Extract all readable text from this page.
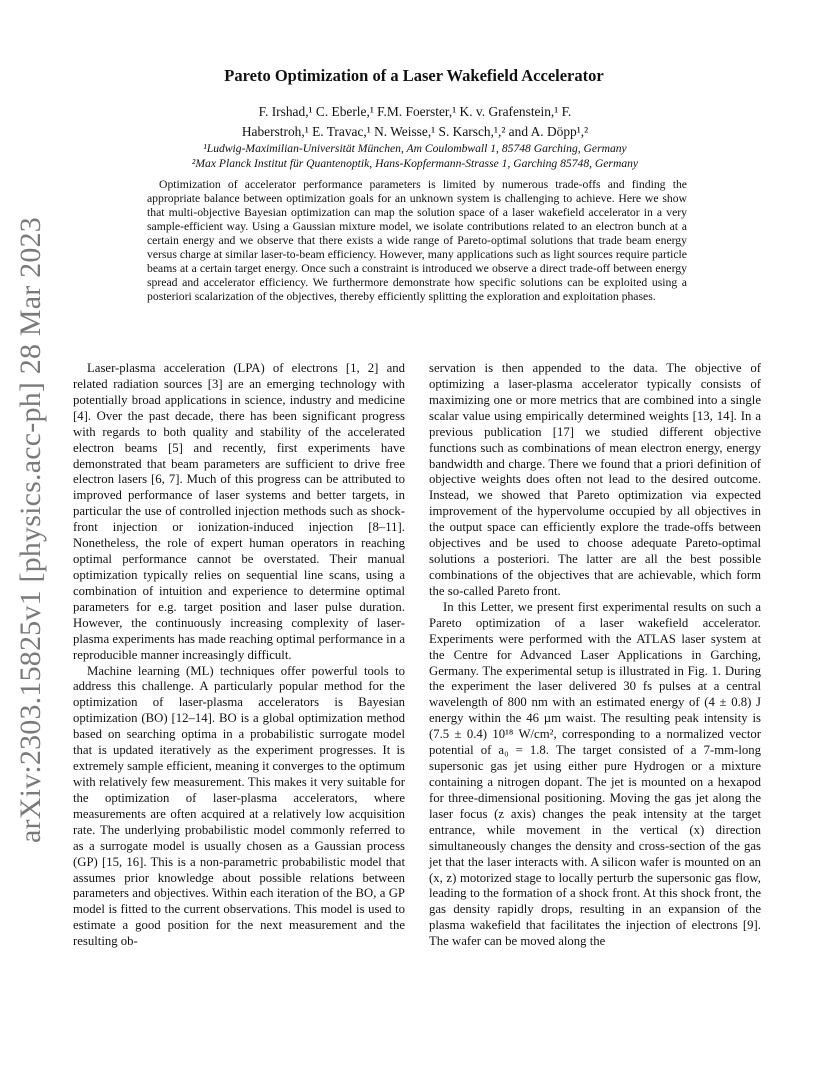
arXiv:2303.15825v1 [physics.acc-ph] 28 Mar 2023
Pareto Optimization of a Laser Wakefield Accelerator
F. Irshad,¹ C. Eberle,¹ F.M. Foerster,¹ K. v. Grafenstein,¹ F.
Haberstroh,¹ E. Travac,¹ N. Weisse,¹ S. Karsch,¹,² and A. Döpp¹,²
¹Ludwig-Maximilian-Universität München, Am Coulombwall 1, 85748 Garching, Germany
²Max Planck Institut für Quantenoptik, Hans-Kopfermann-Strasse 1, Garching 85748, Germany

Optimization of accelerator performance parameters is limited by numerous trade-offs and finding the appropriate balance between optimization goals for an unknown system is challenging to achieve. Here we show that multi-objective Bayesian optimization can map the solution space of a laser wakefield accelerator in a very sample-efficient way. Using a Gaussian mixture model, we isolate contributions related to an electron bunch at a certain energy and we observe that there exists a wide range of Pareto-optimal solutions that trade beam energy versus charge at similar laser-to-beam efficiency. However, many applications such as light sources require particle beams at a certain target energy. Once such a constraint is introduced we observe a direct trade-off between energy spread and accelerator efficiency. We furthermore demonstrate how specific solutions can be exploited using a posteriori scalarization of the objectives, thereby efficiently splitting the exploration and exploitation phases.

Laser-plasma acceleration (LPA) of electrons [1, 2] and related radiation sources [3] are an emerging technology with potentially broad applications in science, industry and medicine [4]. Over the past decade, there has been significant progress with regards to both quality and stability of the accelerated electron beams [5] and recently, first experiments have demonstrated that beam parameters are sufficient to drive free electron lasers [6, 7]. Much of this progress can be attributed to improved performance of laser systems and better targets, in particular the use of controlled injection methods such as shock-front injection or ionization-induced injection [8–11]. Nonetheless, the role of expert human operators in reaching optimal performance cannot be overstated. Their manual optimization typically relies on sequential line scans, using a combination of intuition and experience to determine optimal parameters for e.g. target position and laser pulse duration. However, the continuously increasing complexity of laser-plasma experiments has made reaching optimal performance in a reproducible manner increasingly difficult.

Machine learning (ML) techniques offer powerful tools to address this challenge. A particularly popular method for the optimization of laser-plasma accelerators is Bayesian optimization (BO) [12–14]. BO is a global optimization method based on searching optima in a probabilistic surrogate model that is updated iteratively as the experiment progresses. It is extremely sample efficient, meaning it converges to the optimum with relatively few measurement. This makes it very suitable for the optimization of laser-plasma accelerators, where measurements are often acquired at a relatively low acquisition rate. The underlying probabilistic model commonly referred to as a surrogate model is usually chosen as a Gaussian process (GP) [15, 16]. This is a non-parametric probabilistic model that assumes prior knowledge about possible relations between parameters and objectives. Within each iteration of the BO, a GP model is fitted to the current observations. This model is used to estimate a good position for the next measurement and the resulting ob-

servation is then appended to the data. The objective of optimizing a laser-plasma accelerator typically consists of maximizing one or more metrics that are combined into a single scalar value using empirically determined weights [13, 14]. In a previous publication [17] we studied different objective functions such as combinations of mean electron energy, energy bandwidth and charge. There we found that a priori definition of objective weights does often not lead to the desired outcome. Instead, we showed that Pareto optimization via expected improvement of the hypervolume occupied by all objectives in the output space can efficiently explore the trade-offs between objectives and be used to choose adequate Pareto-optimal solutions a posteriori. The latter are all the best possible combinations of the objectives that are achievable, which form the so-called Pareto front.

In this Letter, we present first experimental results on such a Pareto optimization of a laser wakefield accelerator. Experiments were performed with the ATLAS laser system at the Centre for Advanced Laser Applications in Garching, Germany. The experimental setup is illustrated in Fig. 1. During the experiment the laser delivered 30 fs pulses at a central wavelength of 800 nm with an estimated energy of (4 ± 0.8) J energy within the 46 µm waist. The resulting peak intensity is (7.5 ± 0.4) 10¹⁸ W/cm², corresponding to a normalized vector potential of a₀ = 1.8. The target consisted of a 7-mm-long supersonic gas jet using either pure Hydrogen or a mixture containing a nitrogen dopant. The jet is mounted on a hexapod for three-dimensional positioning. Moving the gas jet along the laser focus (z axis) changes the peak intensity at the target entrance, while movement in the vertical (x) direction simultaneously changes the density and cross-section of the gas jet that the laser interacts with. A silicon wafer is mounted on an (x, z) motorized stage to locally perturb the supersonic gas flow, leading to the formation of a shock front. At this shock front, the gas density rapidly drops, resulting in an expansion of the plasma wakefield that facilitates the injection of electrons [9]. The wafer can be moved along the
